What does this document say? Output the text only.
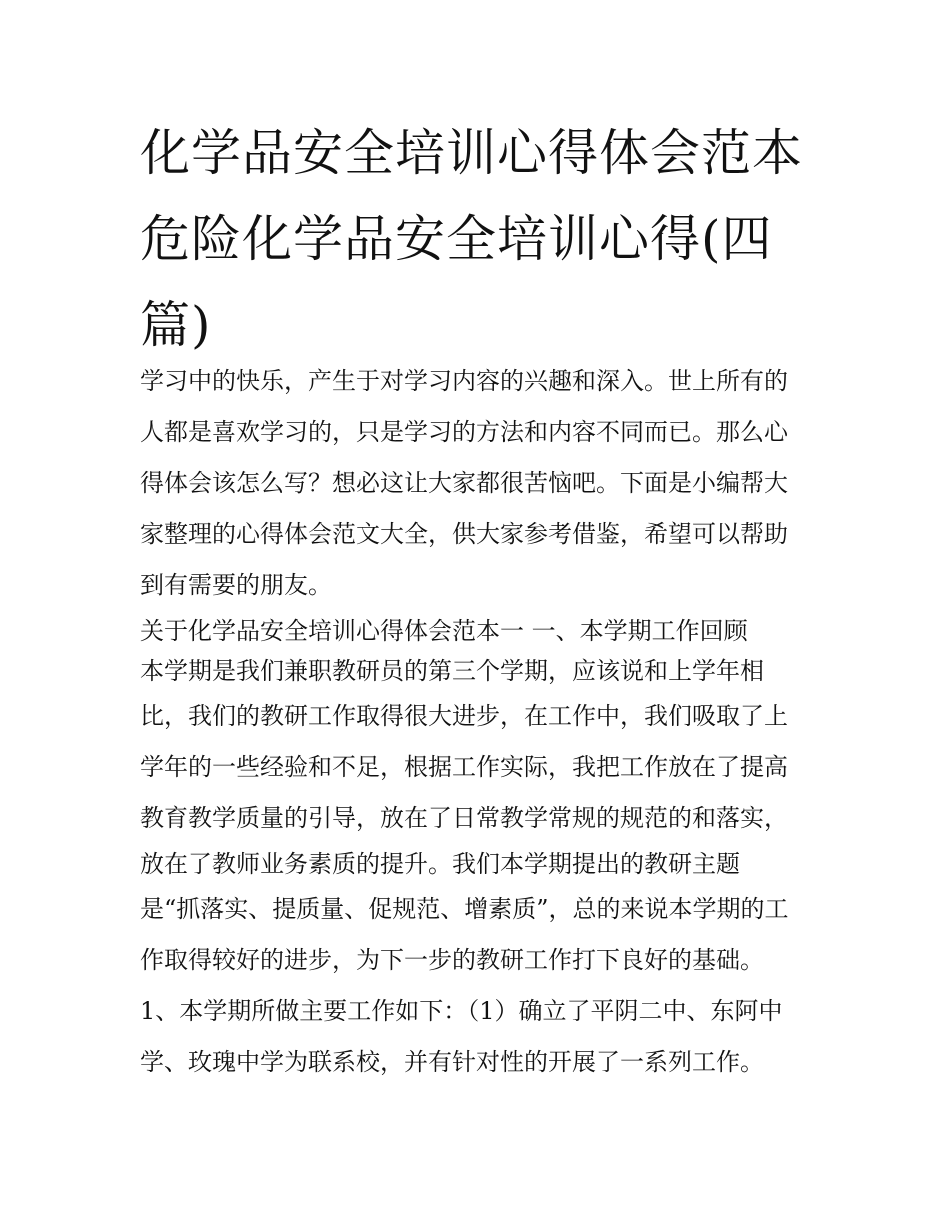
化学品安全培训心得体会范本
危险化学品安全培训心得(四
篇)
学习中的快乐，产生于对学习内容的兴趣和深入。世上所有的
人都是喜欢学习的，只是学习的方法和内容不同而已。那么心
得体会该怎么写？想必这让大家都很苦恼吧。下面是小编帮大
家整理的心得体会范文大全，供大家参考借鉴，希望可以帮助
到有需要的朋友。
关于化学品安全培训心得体会范本一 一、本学期工作回顾
本学期是我们兼职教研员的第三个学期，应该说和上学年相
比，我们的教研工作取得很大进步，在工作中，我们吸取了上
学年的一些经验和不足，根据工作实际，我把工作放在了提高
教育教学质量的引导，放在了日常教学常规的规范的和落实，
放在了教师业务素质的提升。我们本学期提出的教研主题
是“抓落实、提质量、促规范、增素质”，总的来说本学期的工
作取得较好的进步，为下一步的教研工作打下良好的基础。
1、本学期所做主要工作如下：（1）确立了平阴二中、东阿中
学、玫瑰中学为联系校，并有针对性的开展了一系列工作。
